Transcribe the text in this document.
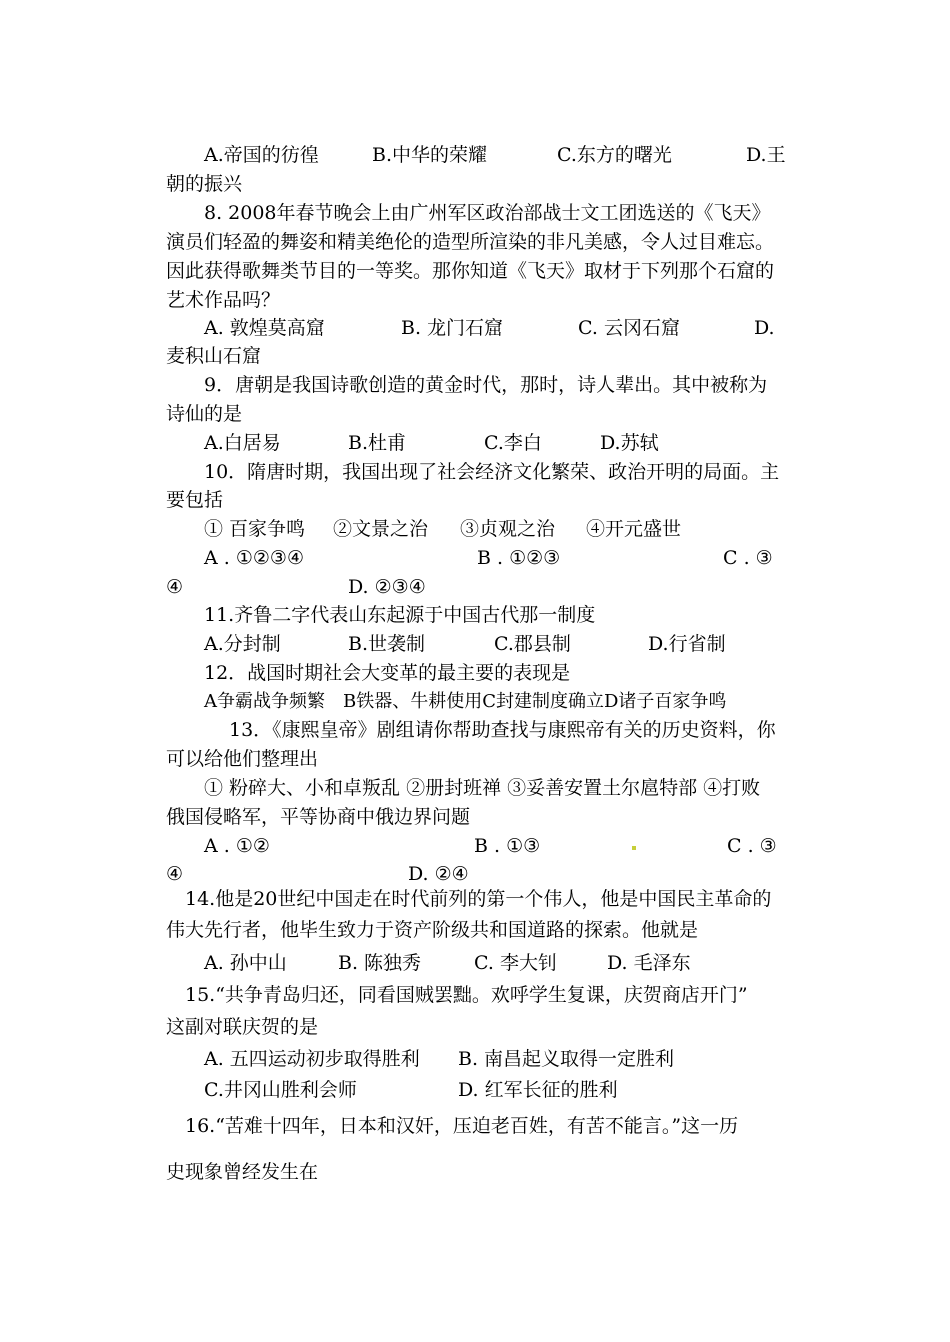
A.帝国的彷徨	B.中华的荣耀	C.东方的曙光	D.王
朝的振兴
8. 2008年春节晚会上由广州军区政治部战士文工团选送的《飞天》
演员们轻盈的舞姿和精美绝伦的造型所渲染的非凡美感，令人过目难忘。
因此获得歌舞类节目的一等奖。那你知道《飞天》取材于下列那个石窟的
艺术作品吗？
A. 敦煌莫高窟	B. 龙门石窟	C. 云冈石窟	D.
麦积山石窟
9．唐朝是我国诗歌创造的黄金时代，那时，诗人辈出。其中被称为
诗仙的是
A.白居易	B.杜甫	C.李白	D.苏轼
10．隋唐时期，我国出现了社会经济文化繁荣、政治开明的局面。主
要包括
① 百家争鸣 ②文景之治 ③贞观之治 ④开元盛世
A . ①②③④	B . ①②③	C . ③
④	D. ②③④
11.齐鲁二字代表山东起源于中国古代那一制度
A.分封制	B.世袭制	C.郡县制	D.行省制
12．战国时期社会大变革的最主要的表现是
A争霸战争频繁　B铁器、牛耕使用C封建制度确立D诸子百家争鸣
13．《康熙皇帝》剧组请你帮助查找与康熙帝有关的历史资料，你
可以给他们整理出
① 粉碎大、小和卓叛乱 ②册封班禅 ③妥善安置土尔扈特部 ④打败
俄国侵略军，平等协商中俄边界问题
A . ①②	B . ①③	C . ③
④	D. ②④
14.他是20世纪中国走在时代前列的第一个伟人，他是中国民主革命的
伟大先行者，他毕生致力于资产阶级共和国道路的探索。他就是
A. 孙中山	B. 陈独秀	C. 李大钊	D. 毛泽东
15.“共争青岛归还，同看国贼罢黜。欢呼学生复课，庆贺商店开门”
这副对联庆贺的是
A. 五四运动初步取得胜利 B. 南昌起义取得一定胜利
C.井冈山胜利会师	D. 红军长征的胜利
16.“苦难十四年，日本和汉奸，压迫老百姓，有苦不能言。”这一历
史现象曾经发生在
